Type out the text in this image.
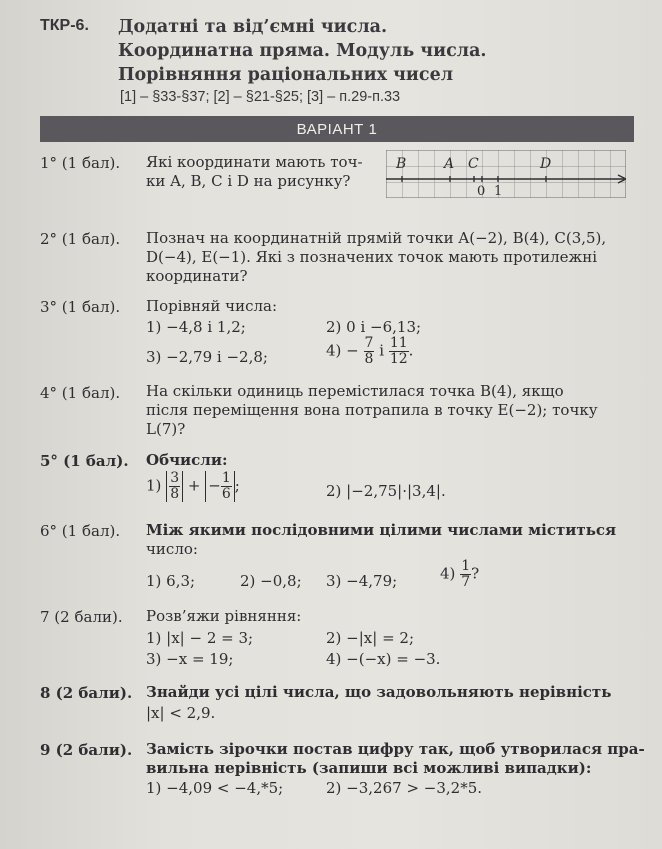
ТКР-6. Додатні та від’ємні числа.
Координатна пряма. Модуль числа.
Порівняння раціональних чисел
[1] – §33-§37; [2] – §21-§25; [3] – п.29-п.33
ВАРІАНТ 1
1° (1 бал). Які координати мають точ-
ки A, B, C і D на рисунку?
B	A C	D
0 1
2° (1 бал). Познач на координатній прямій точки A(−2), B(4), C(3,5),
D(−4), E(−1). Які з позначених точок мають протилежні
координати?
3° (1 бал). Порівняй числа:
1) −4,8 і 1,2;	2) 0 і −6,13;
3) −2,79 і −2,8;	$4) - \frac{7}{8}$ і $\frac{11}{12}$ .
4° (1 бал). На скільки одиниць перемістилася точка B(4), якщо
після переміщення вона потрапила в точку E(−2); точку
L(7)?
5° (1 бал). Обчисли:
1) 3
8 + − $\frac{1}{6}$ ;	2) |−2,75|·|3,4|.
6° (1 бал). Між якими послідовними цілими числами міститься
число:
1) 6,3;	2) −0,8; 3) −4,79;	$4) \frac{1}{7}$ ?
7 (2 бали). Розв’яжи рівняння:
1) |x| − 2 = 3;	2) −|x| = 2;
3) −x = 19;	4) −(−x) = −3.
8 (2 бали). Знайди усі цілі числа, що задовольняють нерівність
|x| < 2,9.
9 (2 бали). Замість зірочки постав цифру так, щоб утворилася пра-
вильна нерівність (запиши всі можливі випадки):
1) −4,09 < −4,*5;	2) −3,267 > −3,2*5.
